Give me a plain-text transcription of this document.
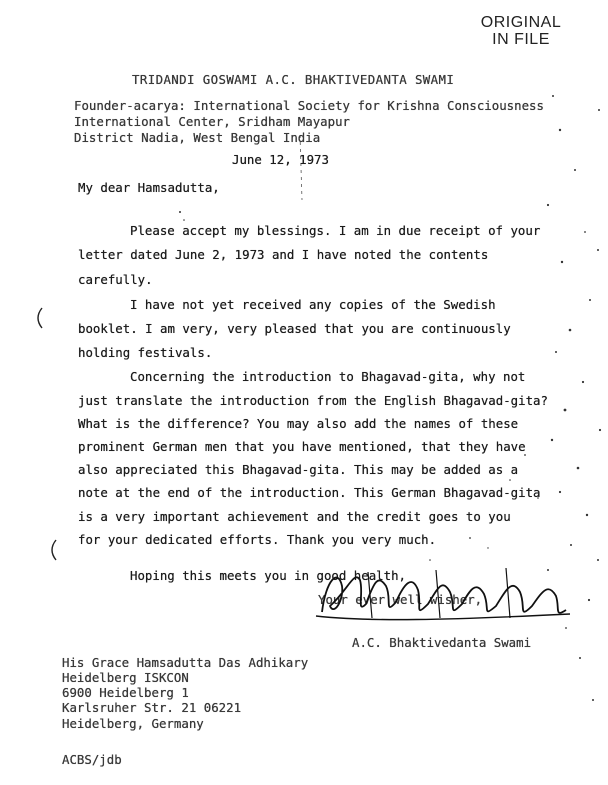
ORIGINAL
IN FILE
TRIDANDI GOSWAMI A.C. BHAKTIVEDANTA SWAMI
Founder-acarya: International Society for Krishna Consciousness
International Center, Sridham Mayapur
District Nadia, West Bengal India
June 12, 1973
My dear Hamsadutta,
Please accept my blessings. I am in due receipt of your
letter dated June 2, 1973 and I have noted the contents
carefully.
I have not yet received any copies of the Swedish
booklet. I am very, very pleased that you are continuously
holding festivals.
Concerning the introduction to Bhagavad-gita, why not
just translate the introduction from the English Bhagavad-gita?
What is the difference? You may also add the names of these
prominent German men that you have mentioned, that they have
also appreciated this Bhagavad-gita. This may be added as a
note at the end of the introduction. This German Bhagavad-gita
is a very important achievement and the credit goes to you
for your dedicated efforts. Thank you very much.
Hoping this meets you in good health,
Your ever well wisher,
A.C. Bhaktivedanta Swami
His Grace Hamsadutta Das Adhikary
Heidelberg ISKCON
6900 Heidelberg 1
Karlsruher Str. 21 06221
Heidelberg, Germany
ACBS/jdb
